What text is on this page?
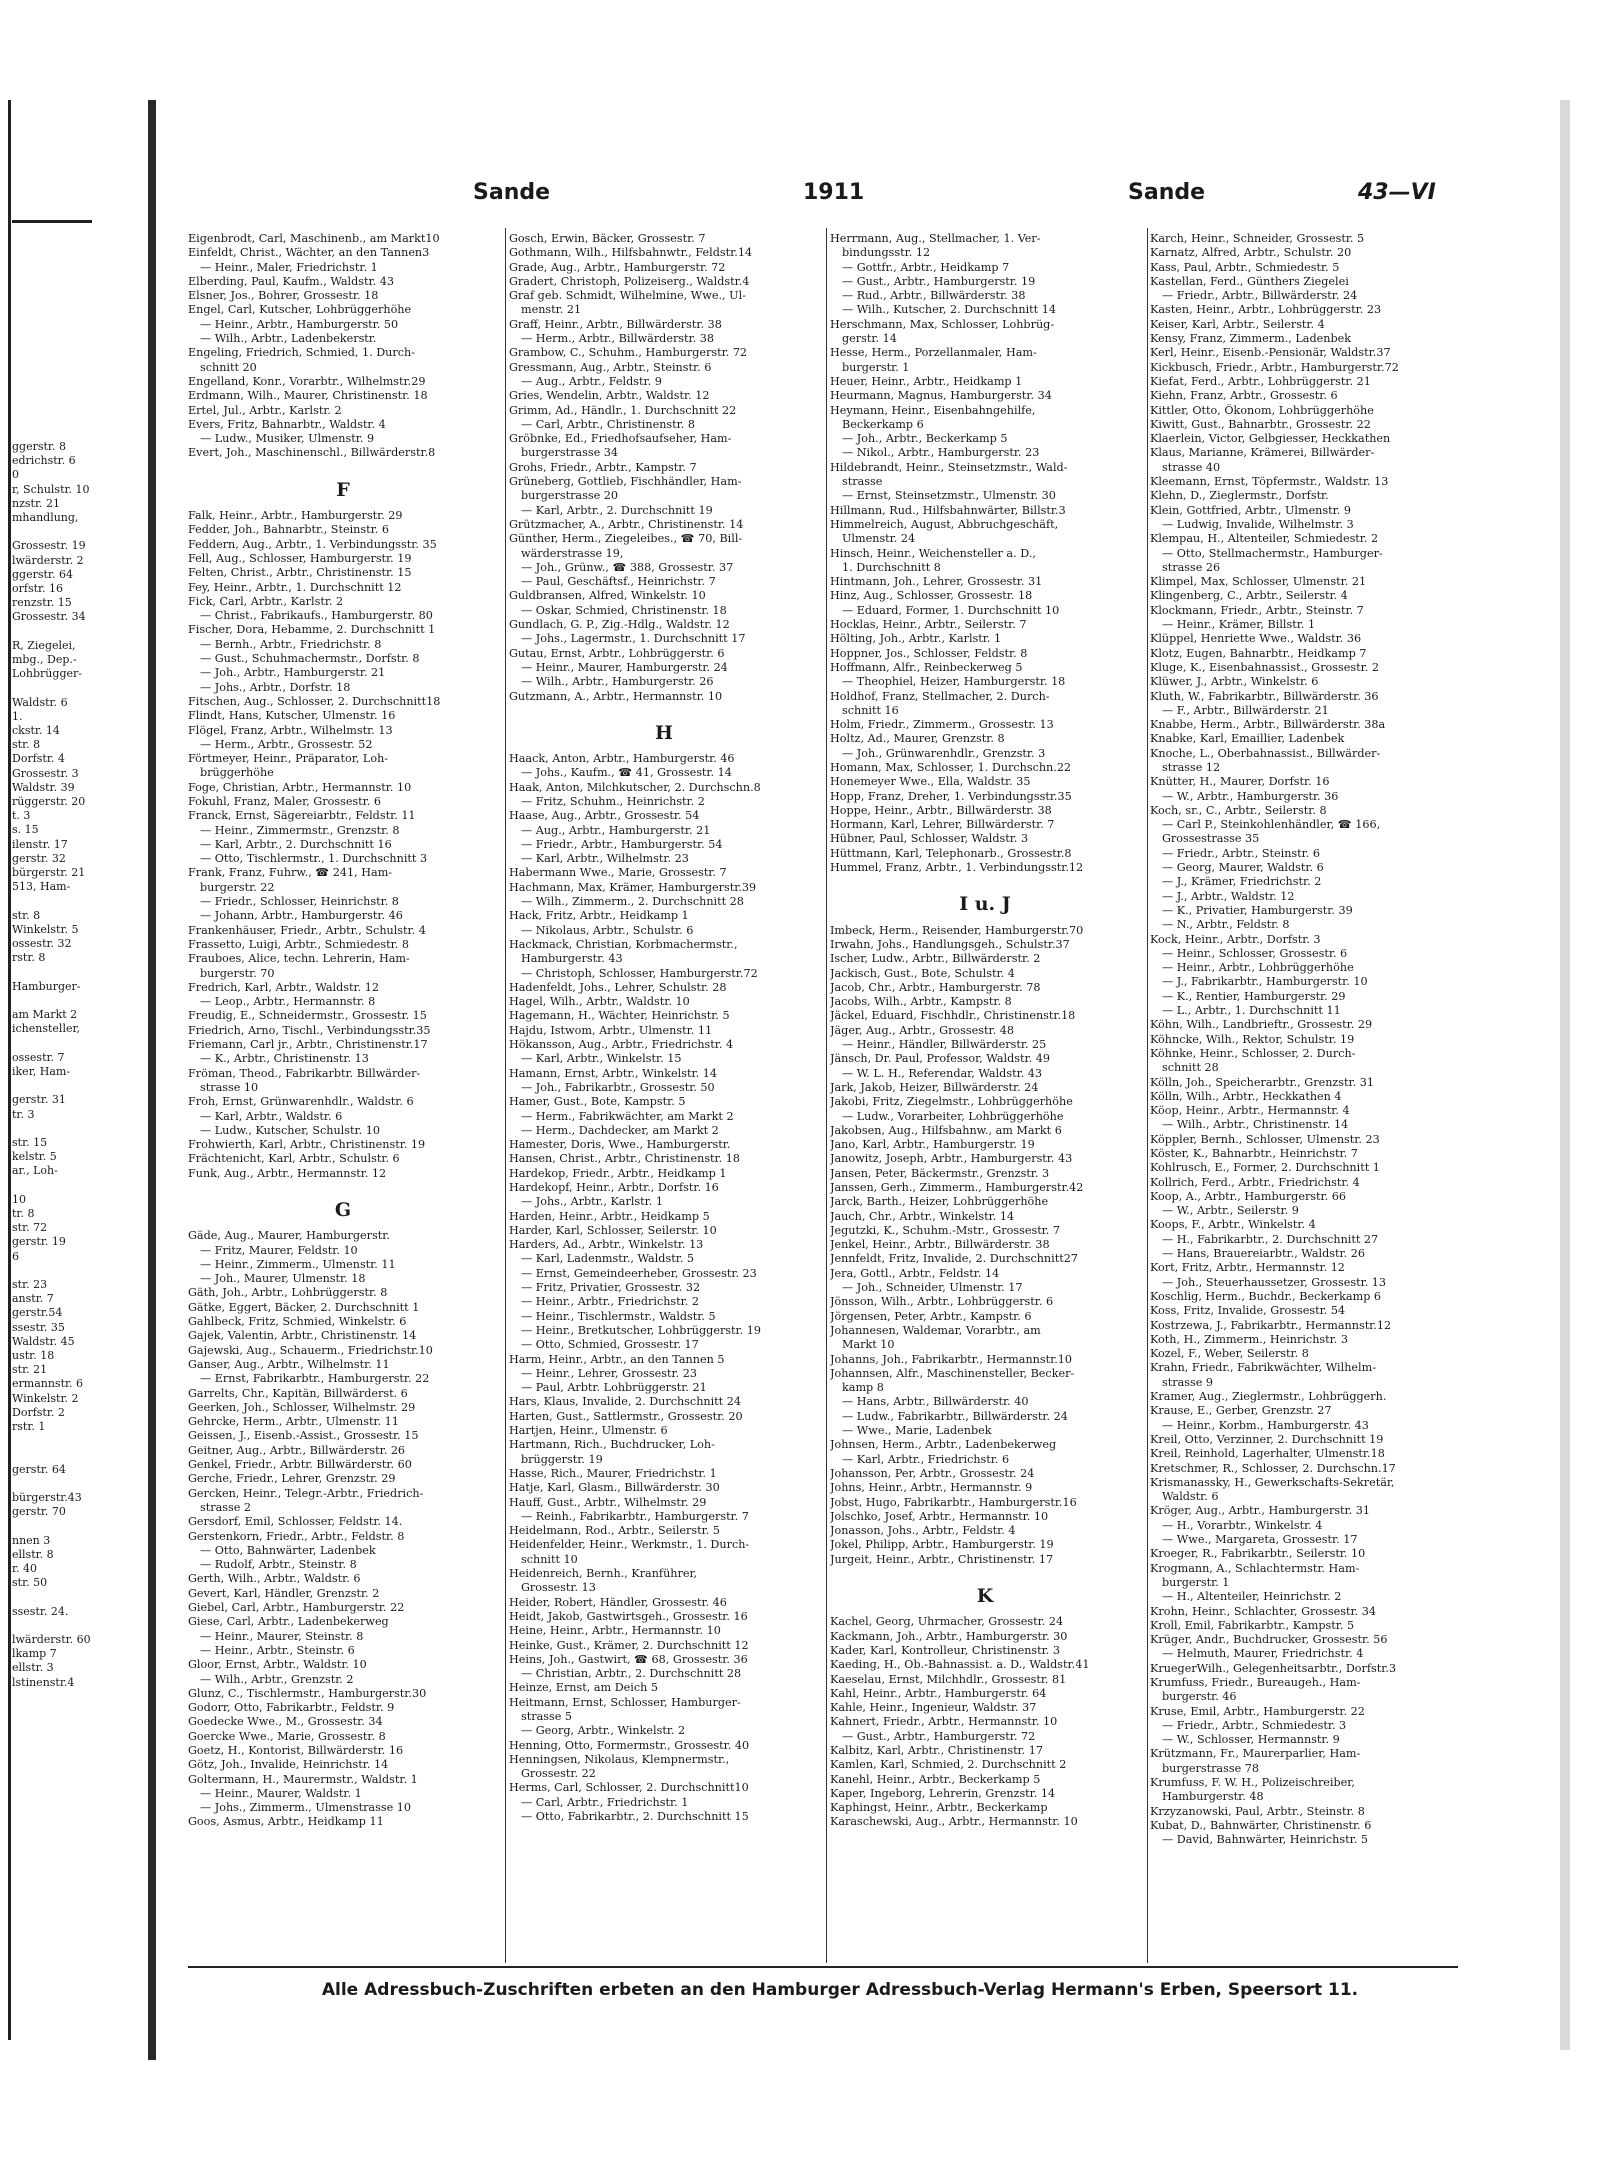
ggerstr. 8
edrichstr. 6
0
r, Schulstr. 10
nzstr. 21
mhandlung,

Grossestr. 19
lwärderstr. 2
ggerstr. 64
orfstr. 16
renzstr. 15
Grossestr. 34

R, Ziegelei,
mbg., Dep.-
Lohbrügger-

Waldstr. 6
1.
ckstr. 14
str. 8
Dorfstr. 4
Grossestr. 3
Waldstr. 39
rüggerstr. 20
t. 3
s. 15
ilenstr. 17
gerstr. 32
bürgerstr. 21
513, Ham-

str. 8
Winkelstr. 5
ossestr. 32
rstr. 8

Hamburger-

am Markt 2
ichensteller,

ossestr. 7
iker, Ham-

gerstr. 31
tr. 3

str. 15
kelstr. 5
ar., Loh-

10
tr. 8
str. 72
gerstr. 19
6

str. 23
anstr. 7
gerstr.54
ssestr. 35
Waldstr. 45
ustr. 18
str. 21
ermannstr. 6
Winkelstr. 2
Dorfstr. 2
rstr. 1

gerstr. 64

bürgerstr.43
gerstr. 70

nnen 3
ellstr. 8
r. 40
str. 50

ssestr. 24.

lwärderstr. 60
lkamp 7
ellstr. 3
lstinenstr.4
Sande	1911	Sande	43—VI
Eigenbrodt, Carl, Maschinenb., am Markt10
Einfeldt, Christ., Wächter, an den Tannen3
— Heinr., Maler, Friedrichstr. 1
Elberding, Paul, Kaufm., Waldstr. 43
Elsner, Jos., Bohrer, Grossestr. 18
Engel, Carl, Kutscher, Lohbrüggerhöhe
— Heinr., Arbtr., Hamburgerstr. 50
— Wilh., Arbtr., Ladenbekerstr.
Engeling, Friedrich, Schmied, 1. Durch-
schnitt 20
Engelland, Konr., Vorarbtr., Wilhelmstr.29
Erdmann, Wilh., Maurer, Christinenstr. 18
Ertel, Jul., Arbtr., Karlstr. 2
Evers, Fritz, Bahnarbtr., Waldstr. 4
— Ludw., Musiker, Ulmenstr. 9
Evert, Joh., Maschinenschl., Billwärderstr.8
F
Falk, Heinr., Arbtr., Hamburgerstr. 29
Fedder, Joh., Bahnarbtr., Steinstr. 6
Feddern, Aug., Arbtr., 1. Verbindungsstr. 35
Fell, Aug., Schlosser, Hamburgerstr. 19
Felten, Christ., Arbtr., Christinenstr. 15
Fey, Heinr., Arbtr., 1. Durchschnitt 12
Fick, Carl, Arbtr., Karlstr. 2
— Christ., Fabrikaufs., Hamburgerstr. 80
Fischer, Dora, Hebamme, 2. Durchschnitt 1
— Bernh., Arbtr., Friedrichstr. 8
— Gust., Schuhmachermstr., Dorfstr. 8
— Joh., Arbtr., Hamburgerstr. 21
— Johs., Arbtr., Dorfstr. 18
Fitschen, Aug., Schlosser, 2. Durchschnitt18
Flindt, Hans, Kutscher, Ulmenstr. 16
Flögel, Franz, Arbtr., Wilhelmstr. 13
— Herm., Arbtr., Grossestr. 52
Förtmeyer, Heinr., Präparator, Loh-
brüggerhöhe
Foge, Christian, Arbtr., Hermannstr. 10
Fokuhl, Franz, Maler, Grossestr. 6
Franck, Ernst, Sägereiarbtr., Feldstr. 11
— Heinr., Zimmermstr., Grenzstr. 8
— Karl, Arbtr., 2. Durchschnitt 16
— Otto, Tischlermstr., 1. Durchschnitt 3
Frank, Franz, Fuhrw., ☎ 241, Ham-
burgerstr. 22
— Friedr., Schlosser, Heinrichstr. 8
— Johann, Arbtr., Hamburgerstr. 46
Frankenhäuser, Friedr., Arbtr., Schulstr. 4
Frassetto, Luigi, Arbtr., Schmiedestr. 8
Frauboes, Alice, techn. Lehrerin, Ham-
burgerstr. 70
Fredrich, Karl, Arbtr., Waldstr. 12
— Leop., Arbtr., Hermannstr. 8
Freudig, E., Schneidermstr., Grossestr. 15
Friedrich, Arno, Tischl., Verbindungsstr.35
Friemann, Carl jr., Arbtr., Christinenstr.17
— K., Arbtr., Christinenstr. 13
Fröman, Theod., Fabrikarbtr. Billwärder-
strasse 10
Froh, Ernst, Grünwarenhdlr., Waldstr. 6
— Karl, Arbtr., Waldstr. 6
— Ludw., Kutscher, Schulstr. 10
Frohwierth, Karl, Arbtr., Christinenstr. 19
Frächtenicht, Karl, Arbtr., Schulstr. 6
Funk, Aug., Arbtr., Hermannstr. 12
G
Gäde, Aug., Maurer, Hamburgerstr.
— Fritz, Maurer, Feldstr. 10
— Heinr., Zimmerm., Ulmenstr. 11
— Joh., Maurer, Ulmenstr. 18
Gäth, Joh., Arbtr., Lohbrüggerstr. 8
Gätke, Eggert, Bäcker, 2. Durchschnitt 1
Gahlbeck, Fritz, Schmied, Winkelstr. 6
Gajek, Valentin, Arbtr., Christinenstr. 14
Gajewski, Aug., Schauerm., Friedrichstr.10
Ganser, Aug., Arbtr., Wilhelmstr. 11
— Ernst, Fabrikarbtr., Hamburgerstr. 22
Garrelts, Chr., Kapitän, Billwärderst. 6
Geerken, Joh., Schlosser, Wilhelmstr. 29
Gehrcke, Herm., Arbtr., Ulmenstr. 11
Geissen, J., Eisenb.-Assist., Grossestr. 15
Geitner, Aug., Arbtr., Billwärderstr. 26
Genkel, Friedr., Arbtr. Billwärderstr. 60
Gerche, Friedr., Lehrer, Grenzstr. 29
Gercken, Heinr., Telegr.-Arbtr., Friedrich-
strasse 2
Gersdorf, Emil, Schlosser, Feldstr. 14.
Gerstenkorn, Friedr., Arbtr., Feldstr. 8
— Otto, Bahnwärter, Ladenbek
— Rudolf, Arbtr., Steinstr. 8
Gerth, Wilh., Arbtr., Waldstr. 6
Gevert, Karl, Händler, Grenzstr. 2
Giebel, Carl, Arbtr., Hamburgerstr. 22
Giese, Carl, Arbtr., Ladenbekerweg
— Heinr., Maurer, Steinstr. 8
— Heinr., Arbtr., Steinstr. 6
Gloor, Ernst, Arbtr., Waldstr. 10
— Wilh., Arbtr., Grenzstr. 2
Glunz, C., Tischlermstr., Hamburgerstr.30
Godorr, Otto, Fabrikarbtr., Feldstr. 9
Goedecke Wwe., M., Grossestr. 34
Goercke Wwe., Marie, Grossestr. 8
Goetz, H., Kontorist, Billwärderstr. 16
Götz, Joh., Invalide, Heinrichstr. 14
Goltermann, H., Maurermstr., Waldstr. 1
— Heinr., Maurer, Waldstr. 1
— Johs., Zimmerm., Ulmenstrasse 10
Goos, Asmus, Arbtr., Heidkamp 11
Gosch, Erwin, Bäcker, Grossestr. 7
Gothmann, Wilh., Hilfsbahnwtr., Feldstr.14
Grade, Aug., Arbtr., Hamburgerstr. 72
Gradert, Christoph, Polizeiserg., Waldstr.4
Graf geb. Schmidt, Wilhelmine, Wwe., Ul-
menstr. 21
Graff, Heinr., Arbtr., Billwärderstr. 38
— Herm., Arbtr., Billwärderstr. 38
Grambow, C., Schuhm., Hamburgerstr. 72
Gressmann, Aug., Arbtr., Steinstr. 6
— Aug., Arbtr., Feldstr. 9
Gries, Wendelin, Arbtr., Waldstr. 12
Grimm, Ad., Händlr., 1. Durchschnitt 22
— Carl, Arbtr., Christinenstr. 8
Gröbnke, Ed., Friedhofsaufseher, Ham-
burgerstrasse 34
Grohs, Friedr., Arbtr., Kampstr. 7
Grüneberg, Gottlieb, Fischhändler, Ham-
burgerstrasse 20
— Karl, Arbtr., 2. Durchschnitt 19
Grützmacher, A., Arbtr., Christinenstr. 14
Günther, Herm., Ziegeleibes., ☎ 70, Bill-
wärderstrasse 19,
— Joh., Grünw., ☎ 388, Grossestr. 37
— Paul, Geschäftsf., Heinrichstr. 7
Guldbransen, Alfred, Winkelstr. 10
— Oskar, Schmied, Christinenstr. 18
Gundlach, G. P., Zig.-Hdlg., Waldstr. 12
— Johs., Lagermstr., 1. Durchschnitt 17
Gutau, Ernst, Arbtr., Lohbrüggerstr. 6
— Heinr., Maurer, Hamburgerstr. 24
— Wilh., Arbtr., Hamburgerstr. 26
Gutzmann, A., Arbtr., Hermannstr. 10
H
Haack, Anton, Arbtr., Hamburgerstr. 46
— Johs., Kaufm., ☎ 41, Grossestr. 14
Haak, Anton, Milchkutscher, 2. Durchschn.8
— Fritz, Schuhm., Heinrichstr. 2
Haase, Aug., Arbtr., Grossestr. 54
— Aug., Arbtr., Hamburgerstr. 21
— Friedr., Arbtr., Hamburgerstr. 54
— Karl, Arbtr., Wilhelmstr. 23
Habermann Wwe., Marie, Grossestr. 7
Hachmann, Max, Krämer, Hamburgerstr.39
— Wilh., Zimmerm., 2. Durchschnitt 28
Hack, Fritz, Arbtr., Heidkamp 1
— Nikolaus, Arbtr., Schulstr. 6
Hackmack, Christian, Korbmachermstr.,
Hamburgerstr. 43
— Christoph, Schlosser, Hamburgerstr.72
Hadenfeldt, Johs., Lehrer, Schulstr. 28
Hagel, Wilh., Arbtr., Waldstr. 10
Hagemann, H., Wächter, Heinrichstr. 5
Hajdu, Istwom, Arbtr., Ulmenstr. 11
Hökansson, Aug., Arbtr., Friedrichstr. 4
— Karl, Arbtr., Winkelstr. 15
Hamann, Ernst, Arbtr., Winkelstr. 14
— Joh., Fabrikarbtr., Grossestr. 50
Hamer, Gust., Bote, Kampstr. 5
— Herm., Fabrikwächter, am Markt 2
— Herm., Dachdecker, am Markt 2
Hamester, Doris, Wwe., Hamburgerstr.
Hansen, Christ., Arbtr., Christinenstr. 18
Hardekop, Friedr., Arbtr., Heidkamp 1
Hardekopf, Heinr., Arbtr., Dorfstr. 16
— Johs., Arbtr., Karlstr. 1
Harden, Heinr., Arbtr., Heidkamp 5
Harder, Karl, Schlosser, Seilerstr. 10
Harders, Ad., Arbtr., Winkelstr. 13
— Karl, Ladenmstr., Waldstr. 5
— Ernst, Gemeindeerheber, Grossestr. 23
— Fritz, Privatier, Grossestr. 32
— Heinr., Arbtr., Friedrichstr. 2
— Heinr., Tischlermstr., Waldstr. 5
— Heinr., Bretkutscher, Lohbrüggerstr. 19
— Otto, Schmied, Grossestr. 17
Harm, Heinr., Arbtr., an den Tannen 5
— Heinr., Lehrer, Grossestr. 23
— Paul, Arbtr. Lohbrüggerstr. 21
Hars, Klaus, Invalide, 2. Durchschnitt 24
Harten, Gust., Sattlermstr., Grossestr. 20
Hartjen, Heinr., Ulmenstr. 6
Hartmann, Rich., Buchdrucker, Loh-
brüggerstr. 19
Hasse, Rich., Maurer, Friedrichstr. 1
Hatje, Karl, Glasm., Billwärderstr. 30
Hauff, Gust., Arbtr., Wilhelmstr. 29
— Reinh., Fabrikarbtr., Hamburgerstr. 7
Heidelmann, Rod., Arbtr., Seilerstr. 5
Heidenfelder, Heinr., Werkmstr., 1. Durch-
schnitt 10
Heidenreich, Bernh., Kranführer,
Grossestr. 13
Heider, Robert, Händler, Grossestr. 46
Heidt, Jakob, Gastwirtsgeh., Grossestr. 16
Heine, Heinr., Arbtr., Hermannstr. 10
Heinke, Gust., Krämer, 2. Durchschnitt 12
Heins, Joh., Gastwirt, ☎ 68, Grossestr. 36
— Christian, Arbtr., 2. Durchschnitt 28
Heinze, Ernst, am Deich 5
Heitmann, Ernst, Schlosser, Hamburger-
strasse 5
— Georg, Arbtr., Winkelstr. 2
Henning, Otto, Formermstr., Grossestr. 40
Henningsen, Nikolaus, Klempnermstr.,
Grossestr. 22
Herms, Carl, Schlosser, 2. Durchschnitt10
— Carl, Arbtr., Friedrichstr. 1
— Otto, Fabrikarbtr., 2. Durchschnitt 15
Herrmann, Aug., Stellmacher, 1. Ver-
bindungsstr. 12
— Gottfr., Arbtr., Heidkamp 7
— Gust., Arbtr., Hamburgerstr. 19
— Rud., Arbtr., Billwärderstr. 38
— Wilh., Kutscher, 2. Durchschnitt 14
Herschmann, Max, Schlosser, Lohbrüg-
gerstr. 14
Hesse, Herm., Porzellanmaler, Ham-
burgerstr. 1
Heuer, Heinr., Arbtr., Heidkamp 1
Heurmann, Magnus, Hamburgerstr. 34
Heymann, Heinr., Eisenbahngehilfe,
Beckerkamp 6
— Joh., Arbtr., Beckerkamp 5
— Nikol., Arbtr., Hamburgerstr. 23
Hildebrandt, Heinr., Steinsetzmstr., Wald-
strasse
— Ernst, Steinsetzmstr., Ulmenstr. 30
Hillmann, Rud., Hilfsbahnwärter, Billstr.3
Himmelreich, August, Abbruchgeschäft,
Ulmenstr. 24
Hinsch, Heinr., Weichensteller a. D.,
1. Durchschnitt 8
Hintmann, Joh., Lehrer, Grossestr. 31
Hinz, Aug., Schlosser, Grossestr. 18
— Eduard, Former, 1. Durchschnitt 10
Hocklas, Heinr., Arbtr., Seilerstr. 7
Hölting, Joh., Arbtr., Karlstr. 1
Hoppner, Jos., Schlosser, Feldstr. 8
Hoffmann, Alfr., Reinbeckerweg 5
— Theophiel, Heizer, Hamburgerstr. 18
Holdhof, Franz, Stellmacher, 2. Durch-
schnitt 16
Holm, Friedr., Zimmerm., Grossestr. 13
Holtz, Ad., Maurer, Grenzstr. 8
— Joh., Grünwarenhdlr., Grenzstr. 3
Homann, Max, Schlosser, 1. Durchschn.22
Honemeyer Wwe., Ella, Waldstr. 35
Hopp, Franz, Dreher, 1. Verbindungsstr.35
Hoppe, Heinr., Arbtr., Billwärderstr. 38
Hormann, Karl, Lehrer, Billwärderstr. 7
Hübner, Paul, Schlosser, Waldstr. 3
Hüttmann, Karl, Telephonarb., Grossestr.8
Hummel, Franz, Arbtr., 1. Verbindungsstr.12
I u. J
Imbeck, Herm., Reisender, Hamburgerstr.70
Irwahn, Johs., Handlungsgeh., Schulstr.37
Ischer, Ludw., Arbtr., Billwärderstr. 2
Jackisch, Gust., Bote, Schulstr. 4
Jacob, Chr., Arbtr., Hamburgerstr. 78
Jacobs, Wilh., Arbtr., Kampstr. 8
Jäckel, Eduard, Fischhdlr., Christinenstr.18
Jäger, Aug., Arbtr., Grossestr. 48
— Heinr., Händler, Billwärderstr. 25
Jänsch, Dr. Paul, Professor, Waldstr. 49
— W. L. H., Referendar, Waldstr. 43
Jark, Jakob, Heizer, Billwärderstr. 24
Jakobi, Fritz, Ziegelmstr., Lohbrüggerhöhe
— Ludw., Vorarbeiter, Lohbrüggerhöhe
Jakobsen, Aug., Hilfsbahnw., am Markt 6
Jano, Karl, Arbtr., Hamburgerstr. 19
Janowitz, Joseph, Arbtr., Hamburgerstr. 43
Jansen, Peter, Bäckermstr., Grenzstr. 3
Janssen, Gerh., Zimmerm., Hamburgerstr.42
Jarck, Barth., Heizer, Lohbrüggerhöhe
Jauch, Chr., Arbtr., Winkelstr. 14
Jegutzki, K., Schuhm.-Mstr., Grossestr. 7
Jenkel, Heinr., Arbtr., Billwärderstr. 38
Jennfeldt, Fritz, Invalide, 2. Durchschnitt27
Jera, Gottl., Arbtr., Feldstr. 14
— Joh., Schneider, Ulmenstr. 17
Jönsson, Wilh., Arbtr., Lohbrüggerstr. 6
Jörgensen, Peter, Arbtr., Kampstr. 6
Johannesen, Waldemar, Vorarbtr., am
Markt 10
Johanns, Joh., Fabrikarbtr., Hermannstr.10
Johannsen, Alfr., Maschinensteller, Becker-
kamp 8
— Hans, Arbtr., Billwärderstr. 40
— Ludw., Fabrikarbtr., Billwärderstr. 24
— Wwe., Marie, Ladenbek
Johnsen, Herm., Arbtr., Ladenbekerweg
— Karl, Arbtr., Friedrichstr. 6
Johansson, Per, Arbtr., Grossestr. 24
Johns, Heinr., Arbtr., Hermannstr. 9
Jobst, Hugo, Fabrikarbtr., Hamburgerstr.16
Jolschko, Josef, Arbtr., Hermannstr. 10
Jonasson, Johs., Arbtr., Feldstr. 4
Jokel, Philipp, Arbtr., Hamburgerstr. 19
Jurgeit, Heinr., Arbtr., Christinenstr. 17
K
Kachel, Georg, Uhrmacher, Grossestr. 24
Kackmann, Joh., Arbtr., Hamburgerstr. 30
Kader, Karl, Kontrolleur, Christinenstr. 3
Kaeding, H., Ob.-Bahnassist. a. D., Waldstr.41
Kaeselau, Ernst, Milchhdlr., Grossestr. 81
Kahl, Heinr., Arbtr., Hamburgerstr. 64
Kahle, Heinr., Ingenieur, Waldstr. 37
Kahnert, Friedr., Arbtr., Hermannstr. 10
— Gust., Arbtr., Hamburgerstr. 72
Kalbitz, Karl, Arbtr., Christinenstr. 17
Kamlen, Karl, Schmied, 2. Durchschnitt 2
Kanehl, Heinr., Arbtr., Beckerkamp 5
Kaper, Ingeborg, Lehrerin, Grenzstr. 14
Kaphingst, Heinr., Arbtr., Beckerkamp
Karaschewski, Aug., Arbtr., Hermannstr. 10
Karch, Heinr., Schneider, Grossestr. 5
Karnatz, Alfred, Arbtr., Schulstr. 20
Kass, Paul, Arbtr., Schmiedestr. 5
Kastellan, Ferd., Günthers Ziegelei
— Friedr., Arbtr., Billwärderstr. 24
Kasten, Heinr., Arbtr., Lohbrüggerstr. 23
Keiser, Karl, Arbtr., Seilerstr. 4
Kensy, Franz, Zimmerm., Ladenbek
Kerl, Heinr., Eisenb.-Pensionär, Waldstr.37
Kickbusch, Friedr., Arbtr., Hamburgerstr.72
Kiefat, Ferd., Arbtr., Lohbrüggerstr. 21
Kiehn, Franz, Arbtr., Grossestr. 6
Kittler, Otto, Ökonom, Lohbrüggerhöhe
Kiwitt, Gust., Bahnarbtr., Grossestr. 22
Klaerlein, Victor, Gelbgiesser, Heckkathen
Klaus, Marianne, Krämerei, Billwärder-
strasse 40
Kleemann, Ernst, Töpfermstr., Waldstr. 13
Klehn, D., Zieglermstr., Dorfstr.
Klein, Gottfried, Arbtr., Ulmenstr. 9
— Ludwig, Invalide, Wilhelmstr. 3
Klempau, H., Altenteiler, Schmiedestr. 2
— Otto, Stellmachermstr., Hamburger-
strasse 26
Klimpel, Max, Schlosser, Ulmenstr. 21
Klingenberg, C., Arbtr., Seilerstr. 4
Klockmann, Friedr., Arbtr., Steinstr. 7
— Heinr., Krämer, Billstr. 1
Klüppel, Henriette Wwe., Waldstr. 36
Klotz, Eugen, Bahnarbtr., Heidkamp 7
Kluge, K., Eisenbahnassist., Grossestr. 2
Klüwer, J., Arbtr., Winkelstr. 6
Kluth, W., Fabrikarbtr., Billwärderstr. 36
— F., Arbtr., Billwärderstr. 21
Knabbe, Herm., Arbtr., Billwärderstr. 38a
Knabke, Karl, Emaillier, Ladenbek
Knoche, L., Oberbahnassist., Billwärder-
strasse 12
Knütter, H., Maurer, Dorfstr. 16
— W., Arbtr., Hamburgerstr. 36
Koch, sr., C., Arbtr., Seilerstr. 8
— Carl P., Steinkohlenhändler, ☎ 166,
Grossestrasse 35
— Friedr., Arbtr., Steinstr. 6
— Georg, Maurer, Waldstr. 6
— J., Krämer, Friedrichstr. 2
— J., Arbtr., Waldstr. 12
— K., Privatier, Hamburgerstr. 39
— N., Arbtr., Feldstr. 8
Kock, Heinr., Arbtr., Dorfstr. 3
— Heinr., Schlosser, Grossestr. 6
— Heinr., Arbtr., Lohbrüggerhöhe
— J., Fabrikarbtr., Hamburgerstr. 10
— K., Rentier, Hamburgerstr. 29
— L., Arbtr., 1. Durchschnitt 11
Köhn, Wilh., Landbrieftr., Grossestr. 29
Köhncke, Wilh., Rektor, Schulstr. 19
Köhnke, Heinr., Schlosser, 2. Durch-
schnitt 28
Kölln, Joh., Speicherarbtr., Grenzstr. 31
Kölln, Wilh., Arbtr., Heckkathen 4
Köop, Heinr., Arbtr., Hermannstr. 4
— Wilh., Arbtr., Christinenstr. 14
Köppler, Bernh., Schlosser, Ulmenstr. 23
Köster, K., Bahnarbtr., Heinrichstr. 7
Kohlrusch, E., Former, 2. Durchschnitt 1
Kollrich, Ferd., Arbtr., Friedrichstr. 4
Koop, A., Arbtr., Hamburgerstr. 66
— W., Arbtr., Seilerstr. 9
Koops, F., Arbtr., Winkelstr. 4
— H., Fabrikarbtr., 2. Durchschnitt 27
— Hans, Brauereiarbtr., Waldstr. 26
Kort, Fritz, Arbtr., Hermannstr. 12
— Joh., Steuerhaussetzer, Grossestr. 13
Koschlig, Herm., Buchdr., Beckerkamp 6
Koss, Fritz, Invalide, Grossestr. 54
Kostrzewa, J., Fabrikarbtr., Hermannstr.12
Koth, H., Zimmerm., Heinrichstr. 3
Kozel, F., Weber, Seilerstr. 8
Krahn, Friedr., Fabrikwächter, Wilhelm-
strasse 9
Kramer, Aug., Zieglermstr., Lohbrüggerh.
Krause, E., Gerber, Grenzstr. 27
— Heinr., Korbm., Hamburgerstr. 43
Kreil, Otto, Verzinner, 2. Durchschnitt 19
Kreil, Reinhold, Lagerhalter, Ulmenstr.18
Kretschmer, R., Schlosser, 2. Durchschn.17
Krismanassky, H., Gewerkschafts-Sekretär,
Waldstr. 6
Kröger, Aug., Arbtr., Hamburgerstr. 31
— H., Vorarbtr., Winkelstr. 4
— Wwe., Margareta, Grossestr. 17
Kroeger, R., Fabrikarbtr., Seilerstr. 10
Krogmann, A., Schlachtermstr. Ham-
burgerstr. 1
— H., Altenteiler, Heinrichstr. 2
Krohn, Heinr., Schlachter, Grossestr. 34
Kroll, Emil, Fabrikarbtr., Kampstr. 5
Krüger, Andr., Buchdrucker, Grossestr. 56
— Helmuth, Maurer, Friedrichstr. 4
KruegerWilh., Gelegenheitsarbtr., Dorfstr.3
Krumfuss, Friedr., Bureaugeh., Ham-
burgerstr. 46
Kruse, Emil, Arbtr., Hamburgerstr. 22
— Friedr., Arbtr., Schmiedestr. 3
— W., Schlosser, Hermannstr. 9
Krützmann, Fr., Maurerparlier, Ham-
burgerstrasse 78
Krumfuss, F. W. H., Polizeischreiber,
Hamburgerstr. 48
Krzyzanowski, Paul, Arbtr., Steinstr. 8
Kubat, D., Bahnwärter, Christinenstr. 6
— David, Bahnwärter, Heinrichstr. 5
Alle Adressbuch-Zuschriften erbeten an den Hamburger Adressbuch-Verlag Hermann's Erben, Speersort 11.
